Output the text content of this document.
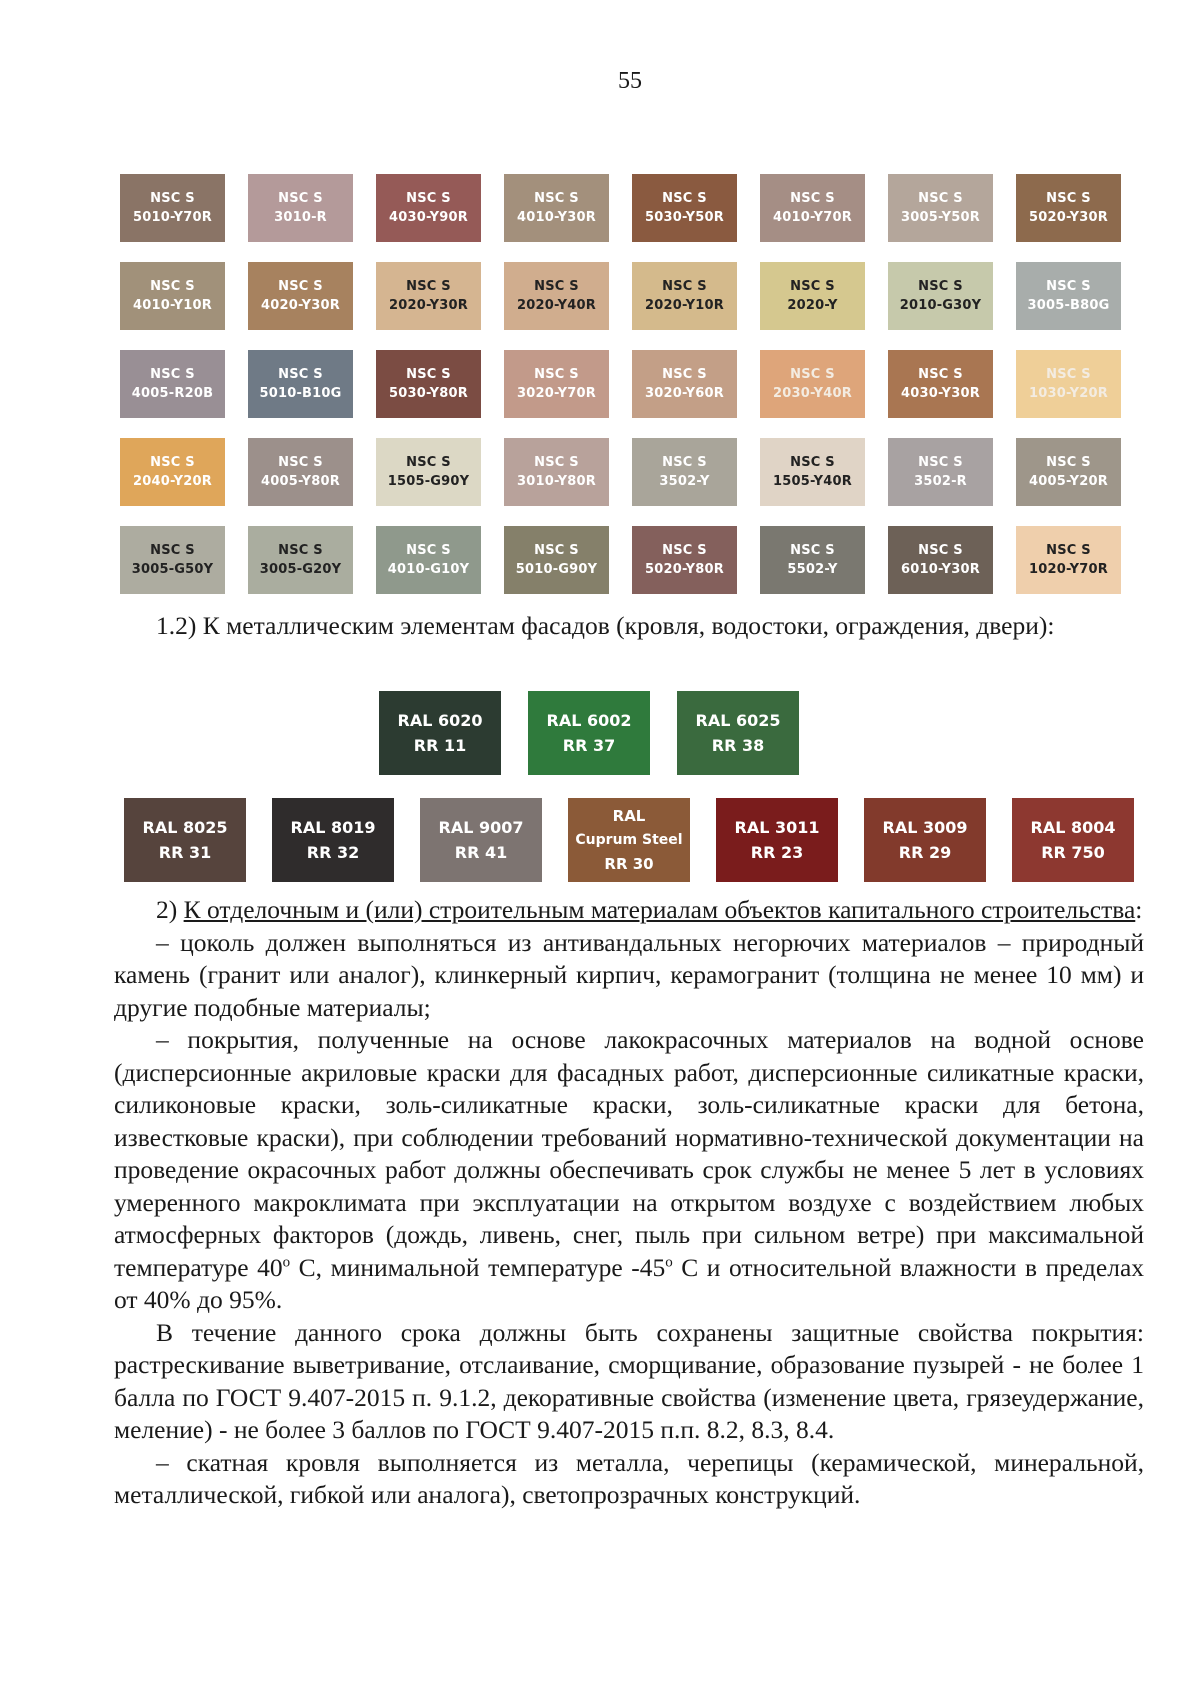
55
NSC S
5010-Y70R
NSC S
3010-R
NSC S
4030-Y90R
NSC S
4010-Y30R
NSC S
5030-Y50R
NSC S
4010-Y70R
NSC S
3005-Y50R
NSC S
5020-Y30R
NSC S
4010-Y10R
NSC S
4020-Y30R
NSC S
2020-Y30R
NSC S
2020-Y40R
NSC S
2020-Y10R
NSC S
2020-Y
NSC S
2010-G30Y
NSC S
3005-B80G
NSC S
4005-R20B
NSC S
5010-B10G
NSC S
5030-Y80R
NSC S
3020-Y70R
NSC S
3020-Y60R
NSC S
2030-Y40R
NSC S
4030-Y30R
NSC S
1030-Y20R
NSC S
2040-Y20R
NSC S
4005-Y80R
NSC S
1505-G90Y
NSC S
3010-Y80R
NSC S
3502-Y
NSC S
1505-Y40R
NSC S
3502-R
NSC S
4005-Y20R
NSC S
3005-G50Y
NSC S
3005-G20Y
NSC S
4010-G10Y
NSC S
5010-G90Y
NSC S
5020-Y80R
NSC S
5502-Y
NSC S
6010-Y30R
NSC S
1020-Y70R

1.2) К металлическим элементам фасадов (кровля, водостоки, ограждения, двери):

RAL 6020
RR 11
RAL 6002
RR 37
RAL 6025
RR 38
RAL 8025
RR 31
RAL 8019
RR 32
RAL 9007
RR 41
RAL
Cuprum Steel
RR 30
RAL 3011
RR 23
RAL 3009
RR 29
RAL 8004
RR 750

2) К отделочным и (или) строительным материалам объектов капитального строительства:

– цоколь должен выполняться из антивандальных негорючих материалов – природный камень (гранит или аналог), клинкерный кирпич, керамогранит (толщина не менее 10 мм) и другие подобные материалы;

– покрытия, полученные на основе лакокрасочных материалов на водной основе (дисперсионные акриловые краски для фасадных работ, дисперсионные силикатные краски, силиконовые краски, золь-силикатные краски, золь-силикатные краски для бетона, известковые краски), при соблюдении требований нормативно-технической документации на проведение окрасочных работ должны обеспечивать срок службы не менее 5 лет в условиях умеренного макроклимата при эксплуатации на открытом воздухе с воздействием любых атмосферных факторов (дождь, ливень, снег, пыль при сильном ветре) при максимальной температуре $40^о$ С, минимальной температуре $-45^о$ С и относительной влажности в пределах от 40% до 95%.

В течение данного срока должны быть сохранены защитные свойства покрытия: растрескивание выветривание, отслаивание, сморщивание, образование пузырей - не более 1 балла по ГОСТ 9.407-2015 п. 9.1.2, декоративные свойства (изменение цвета, грязеудержание, меление) - не более 3 баллов по ГОСТ 9.407-2015 п.п. 8.2, 8.3, 8.4.

– скатная кровля выполняется из металла, черепицы (керамической, минеральной, металлической, гибкой или аналога), светопрозрачных конструкций.
